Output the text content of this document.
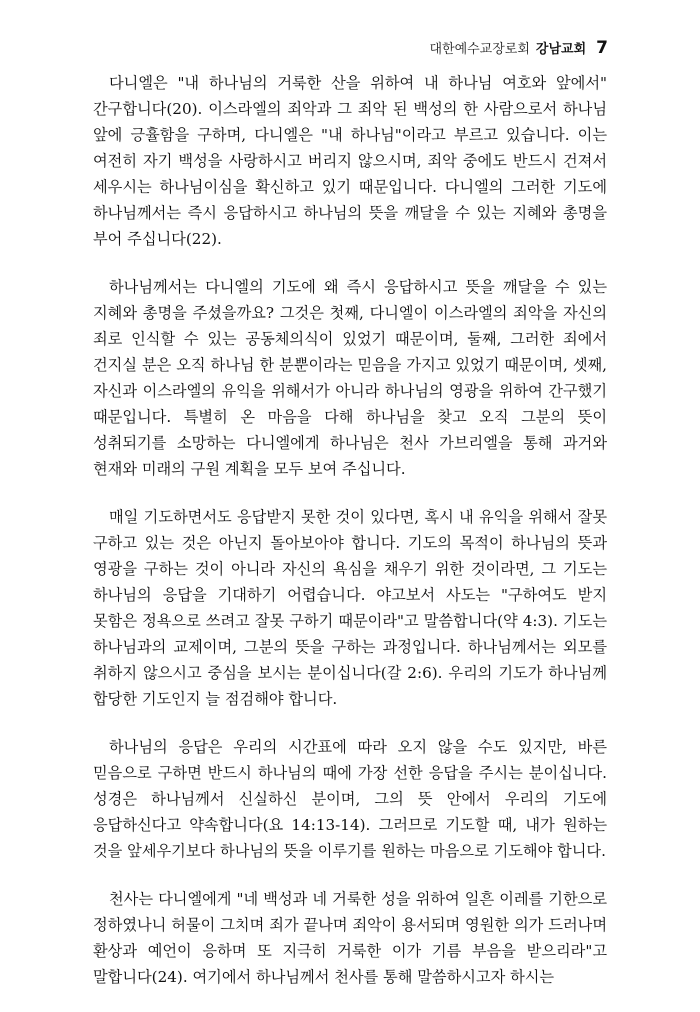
대한예수교장로회 강남교회 7

다니엘은 "내 하나님의 거룩한 산을 위하여 내 하나님 여호와 앞에서" 간구합니다(20). 이스라엘의 죄악과 그 죄악 된 백성의 한 사람으로서 하나님 앞에 긍휼함을 구하며, 다니엘은 "내 하나님"이라고 부르고 있습니다. 이는 여전히 자기 백성을 사랑하시고 버리지 않으시며, 죄악 중에도 반드시 건져서 세우시는 하나님이심을 확신하고 있기 때문입니다. 다니엘의 그러한 기도에 하나님께서는 즉시 응답하시고 하나님의 뜻을 깨달을 수 있는 지혜와 총명을 부어 주십니다(22).

하나님께서는 다니엘의 기도에 왜 즉시 응답하시고 뜻을 깨달을 수 있는 지혜와 총명을 주셨을까요? 그것은 첫째, 다니엘이 이스라엘의 죄악을 자신의 죄로 인식할 수 있는 공동체의식이 있었기 때문이며, 둘째, 그러한 죄에서 건지실 분은 오직 하나님 한 분뿐이라는 믿음을 가지고 있었기 때문이며, 셋째, 자신과 이스라엘의 유익을 위해서가 아니라 하나님의 영광을 위하여 간구했기 때문입니다. 특별히 온 마음을 다해 하나님을 찾고 오직 그분의 뜻이 성취되기를 소망하는 다니엘에게 하나님은 천사 가브리엘을 통해 과거와 현재와 미래의 구원 계획을 모두 보여 주십니다.

매일 기도하면서도 응답받지 못한 것이 있다면, 혹시 내 유익을 위해서 잘못 구하고 있는 것은 아닌지 돌아보아야 합니다. 기도의 목적이 하나님의 뜻과 영광을 구하는 것이 아니라 자신의 욕심을 채우기 위한 것이라면, 그 기도는 하나님의 응답을 기대하기 어렵습니다. 야고보서 사도는 "구하여도 받지 못함은 정욕으로 쓰려고 잘못 구하기 때문이라"고 말씀합니다(약 4:3). 기도는 하나님과의 교제이며, 그분의 뜻을 구하는 과정입니다. 하나님께서는 외모를 취하지 않으시고 중심을 보시는 분이십니다(갈 2:6). 우리의 기도가 하나님께 합당한 기도인지 늘 점검해야 합니다.

하나님의 응답은 우리의 시간표에 따라 오지 않을 수도 있지만, 바른 믿음으로 구하면 반드시 하나님의 때에 가장 선한 응답을 주시는 분이십니다. 성경은 하나님께서 신실하신 분이며, 그의 뜻 안에서 우리의 기도에 응답하신다고 약속합니다(요 14:13-14). 그러므로 기도할 때, 내가 원하는 것을 앞세우기보다 하나님의 뜻을 이루기를 원하는 마음으로 기도해야 합니다.

천사는 다니엘에게 "네 백성과 네 거룩한 성을 위하여 일흔 이레를 기한으로 정하였나니 허물이 그치며 죄가 끝나며 죄악이 용서되며 영원한 의가 드러나며 환상과 예언이 응하며 또 지극히 거룩한 이가 기름 부음을 받으리라"고 말합니다(24). 여기에서 하나님께서 천사를 통해 말씀하시고자 하시는
